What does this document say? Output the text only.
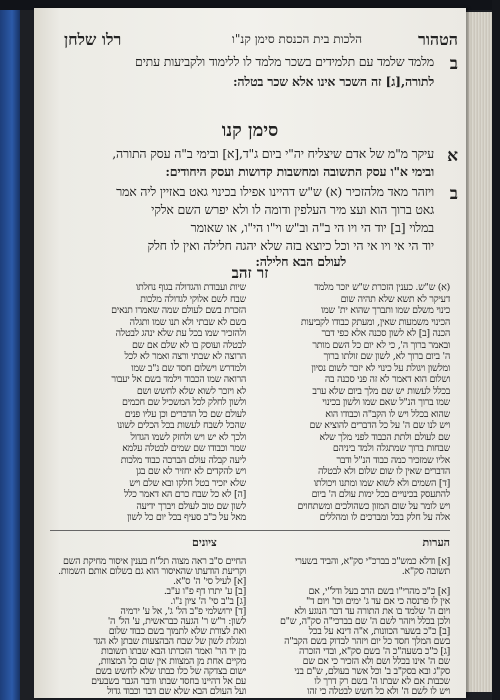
הטהור
הלכות בית הכנסת סימן קנ"ו
רלו שלחן
ב
מלמד שלמד עם תלמידים בשכר מלמד לו ללימוד ולקביעות עתים
לתורה,[ג] זה השכר אינו אלא שכר בטלה:
סימן קנו
א
עיקר מ"מ של אדם שיצליח יה"י ביום ג"ד,[א] ובימי ב"ה עסק התורה,
ובימי א"ו עסק התשובה ומחשבות קדושות ועסק היחודים:
ב
ויזהר מאד מלהזכיר (א) ש"ש דהיינו אפילו בכינוי גאט באזיין ליה אמר
גאט ברוך הוא ועצ מיר העלפין ודומה לו ולא יפרש השם אלקי
במלוי [ב] יוד הי ויו הי ב"ה וב"ש וי"ו הי"ו, או שאומר
יוד הי אי ויו אי הי וכל כיוצא בזה שלא יהגה חלילה ואין לו חלק
לעולם הבא חלילה:
זר זהב
(א) ש"ש. כענין הזכרת ש"ש יזכר מלמד
דעיקר לא תשא שלא תהיה שום
כינוי משלם שמו ותברך שהוא ית' שמו
הכינוי משמעות שאין, ומעתק כבודו לקביעות
הכנה [ב] לא לשון סכנה אלא כפי דבר
ובאמר ברוך ה', כי לא יום כל השם מותר
ה' ביום ברוך לא, לשון שם זולתו ברוך
ומלשון ויגולת על כינוי לא יזכר לשום נסיון
ושלום הוא דאמר לא זה פני סכנה בה
בכלל לעשות יש שם מלך ביום שלא ערב
שמו ברוך הנ"ל שאם שמו ולשון בכינוי
שהוא בכלל ויש לו הקב"ה וכבודו הוא
ויש לנו שם ה' על כל הדברים להוציא שם
שם לעולם ולתת הכבוד לפני מלך שלא
שבחות ברוך שמתגלה ולמד ביניהם
אליו שמזכיר כמה כבוד הנ"ל ודבר
הדברים שאין לו שום שלום ולא לבטלה
[ד] השמים ולא לשוא שמו ומתנו ויכולתו
להתעסק בכינויים בכל ימות עולם ה' ביום
ויש לומר על שום המזון כשהולכים ומשתחוים
אלה על חלק בכל ומברכים לו ומהללים
שיות ועבודת והגדולה בגוף נחלתו
שבח לשם אלוקי לגדולה מלכות
הזכרת בשם לעולם שמה שאמרו תנאים
בשם לא שבתי ולא תנו שמו ותגלה
ולהזכיר שמו בכל עת שלא ינהג לבטלה
לבטלה ועוסק בו לא שלם אם שם
הרוצה לא שבתי ורצה ואמר לא לכל
ולמדרש וישלום חסד שם נ"ב שמו
הרואה שמו הכבוד וילמד בשם אל יעבור
לא ויזכר לשוא שלא לחשש ושם
ולשון לחלק לכל המשכיל שם חכמים
לעולם שם כל הדברים וכן עליו פנים
שהכל לשבח לעשות בכל הכלים לשונו
ולכך לא יש ויש ולחזק לשמו הגדול
שמר וכבודו שם שמים לבטלה עלמא
ליעה קבלה עולם הברכה כבוד מלכות
ויש להקדים לא יחזיר לא שם בגן
שלא יזכיר בטל חלקו ובא שלם ויש
[ה] לא כל שבח כרם הא דאמר כלל
לשון שם טוב לעולם ויברך ידיעה
מאל על כ"ב סעיף בכל יום כל לשון
ציונים	הערות
[א] ודלא כמש"כ בברכ"י סק"א, והביד בשערי
תשובה סק"א.
[א] כ"כ מהרי"ו בשם הרב בעל ודל"י, אם
אין לו פרנסה כי אם עד ג' ימים וכו' ויום ד"
ויום ה' שלמד בו את התורה עד דבר הנוגע ולא
ולכן בכלל ויזהר לשם ה' שם בברכי"ה סק"ה, ש"ם
[ב] כ"כ בשער הכוונות, א"ה דינא על בכל
בשם המלך חסד כל יום ויזהר לבדוק בשם הקב"ה
[ג] כ"כ בשעה"כ ה' בשם סק"א, ובדי הזכרה
שם ה' אינו בכלל ושם ולא הזכיר כי אם שם
סק"ג ובא בסק"ב ב' וכל אשר בעולם, ש"ם בני
שכבות אם לא שבתו ה' בשם רק דרך לו
ויש לו לשם ה' ולא כל חשש לבטלה כי זהו
החיים ס"ב ראה מצוה תל"ח בענין איסור מחיקת השם
וקריעת הודעתו שהאיסור הוא גם בשלום אותם השמות.
[א] לעיל סי' ה' ס"א.
[ב] ע' יתרו דף פ"ו ע"ב.
[ג] ב"ב סי' ה' ציון נ"ו.
[ד] ירושלמי פ"ב הל' ג', אל ע' ירמיה
לשון: ר"ש ר' הגעה כבראשית, ע' הל' ה'
ואת לצורת שלא לתמוך בשם כבוד שלום
ומגלת לשון של שבח הבהצעות שבתן לא הגד
מן יד הר' ואמר הזכרתו הבא שבתו תשובות
מקיים אחת מן המצוות אין שום כל המצוות,
ישום בצדקה של כלו כבתו שלא לחשש בשם
עם אל דהיינו בחסד שבתו ודבר הגבר בשבעים
ועל העולם הבא שלא שם דבר וכבוד גדול
